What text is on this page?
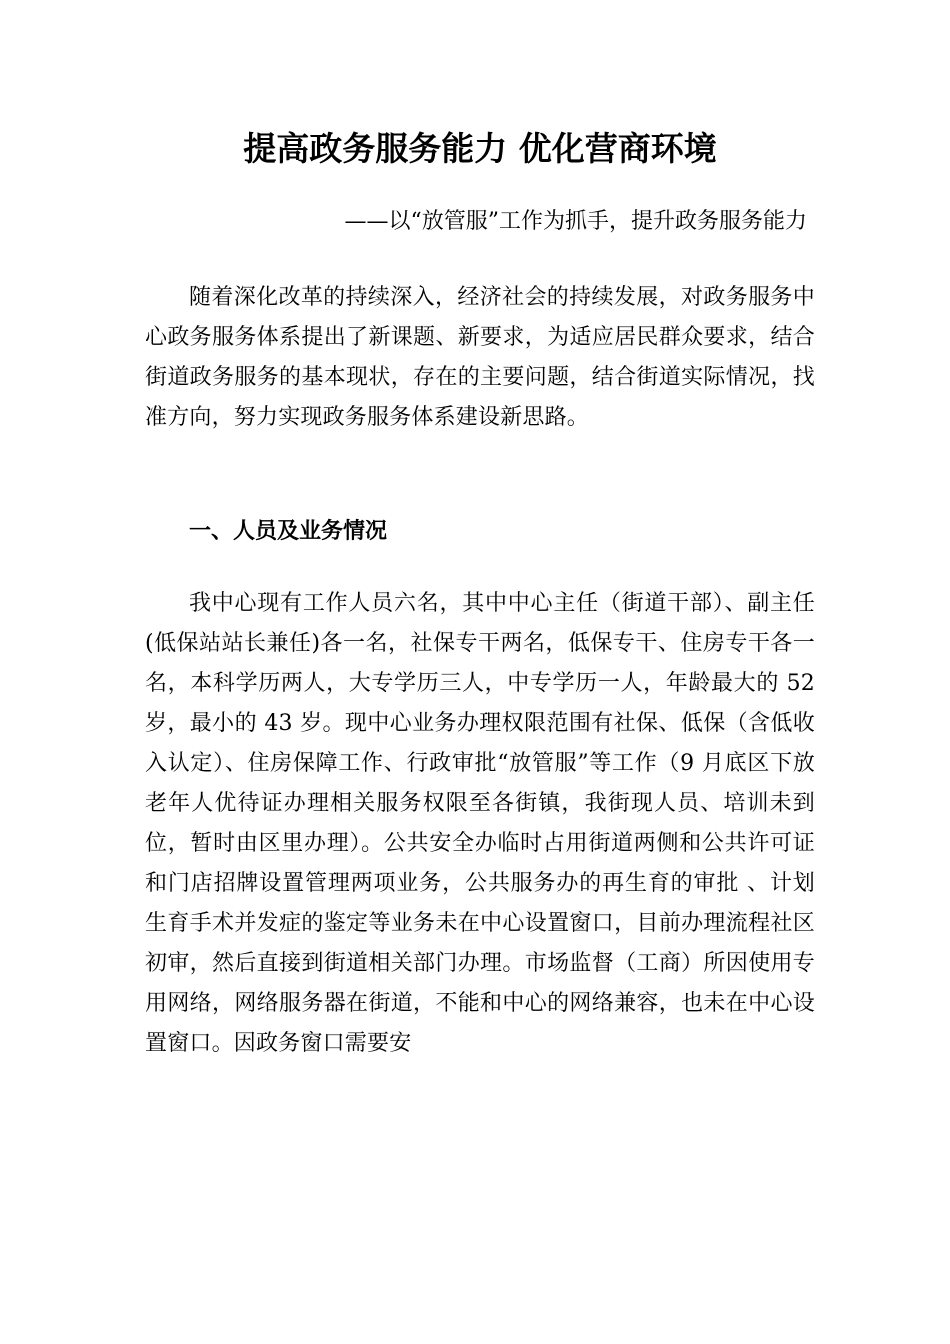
提高政务服务能力 优化营商环境

——以“放管服”工作为抓手，提升政务服务能力

随着深化改革的持续深入，经济社会的持续发展，对政务服务中心政务服务体系提出了新课题、新要求，为适应居民群众要求，结合街道政务服务的基本现状，存在的主要问题，结合街道实际情况，找准方向，努力实现政务服务体系建设新思路。

一、人员及业务情况

我中心现有工作人员六名，其中中心主任（街道干部）、副主任(低保站站长兼任)各一名，社保专干两名，低保专干、住房专干各一名，本科学历两人，大专学历三人，中专学历一人，年龄最大的 52 岁，最小的 43 岁。现中心业务办理权限范围有社保、低保（含低收入认定）、住房保障工作、行政审批“放管服”等工作（9 月底区下放老年人优待证办理相关服务权限至各街镇，我街现人员、培训未到位，暂时由区里办理）。公共安全办临时占用街道两侧和公共许可证和门店招牌设置管理两项业务，公共服务办的再生育的审批 、计划生育手术并发症的鉴定等业务未在中心设置窗口，目前办理流程社区初审，然后直接到街道相关部门办理。市场监督（工商）所因使用专用网络，网络服务器在街道，不能和中心的网络兼容，也未在中心设置窗口。因政务窗口需要安
